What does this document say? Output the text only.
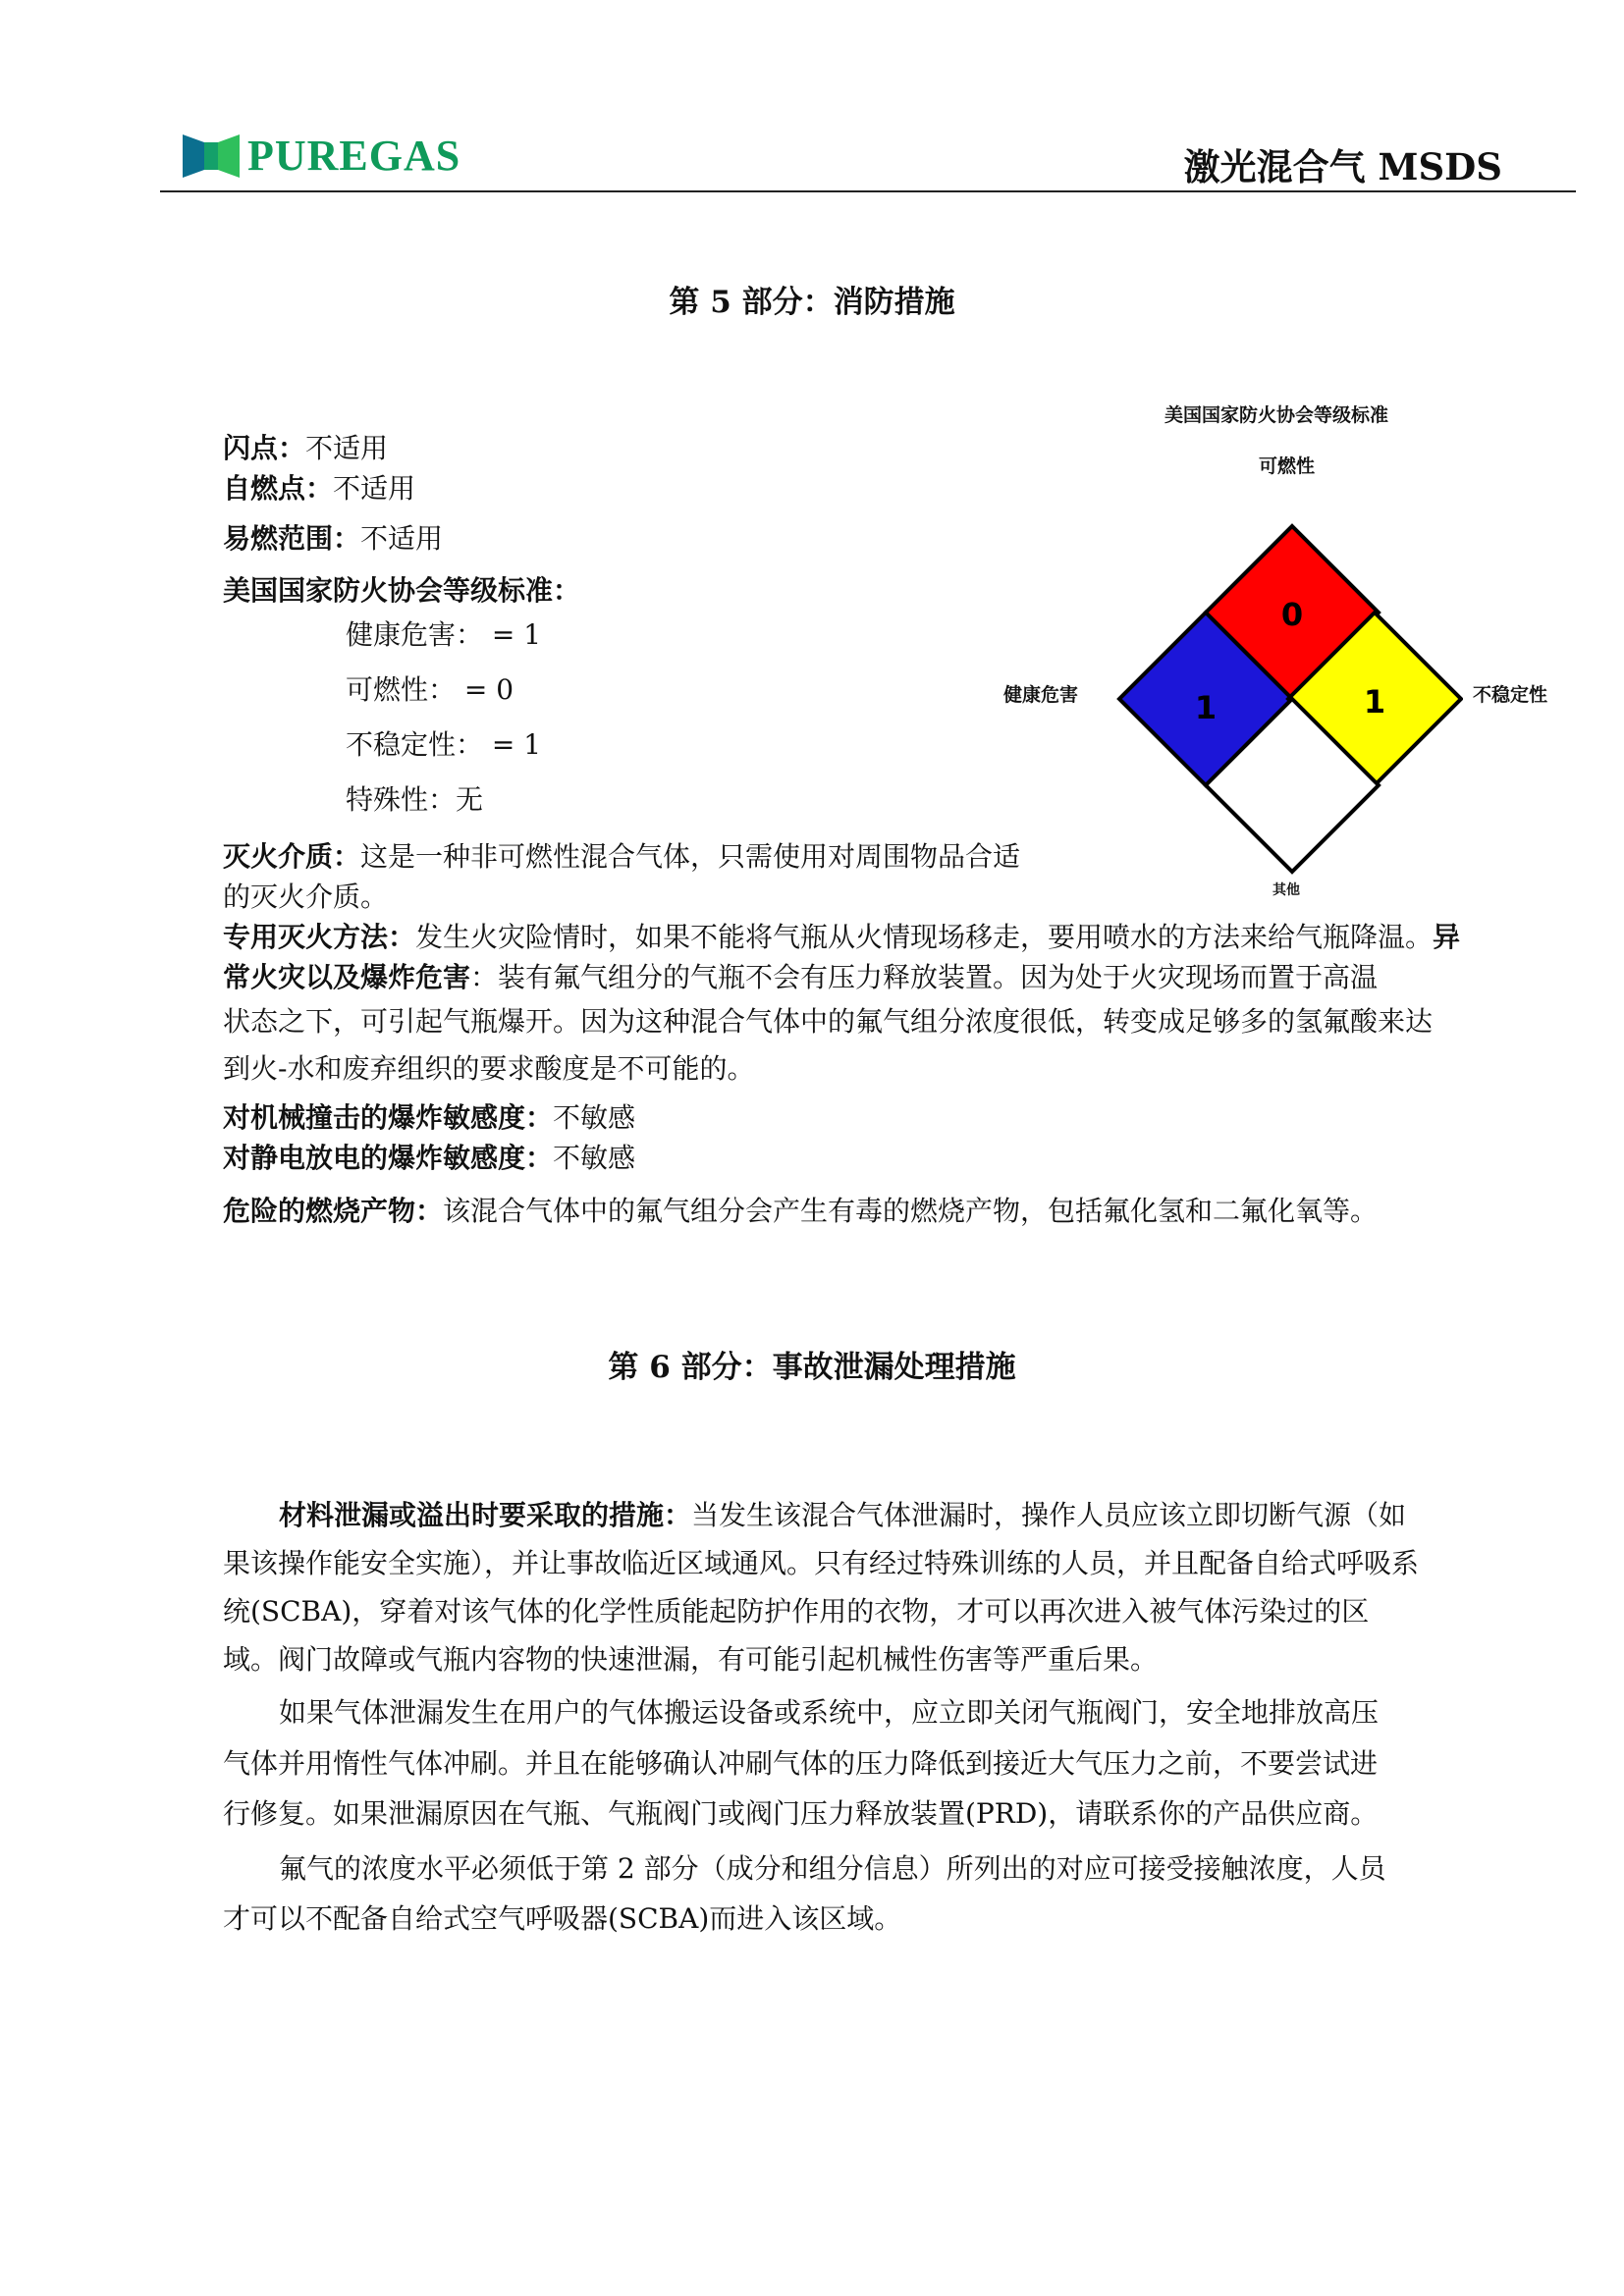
PUREGAS	激光混合气 MSDS
第 5 部分：消防措施
闪点：不适用
自燃点：不适用
易燃范围：不适用
美国国家防火协会等级标准：
健康危害： = 1
可燃性： = 0
不稳定性： = 1
特殊性：无
灭火介质：这是一种非可燃性混合气体，只需使用对周围物品合适
的灭火介质。
专用灭火方法：发生火灾险情时，如果不能将气瓶从火情现场移走，要用喷水的方法来给气瓶降温。异
常火灾以及爆炸危害：装有氟气组分的气瓶不会有压力释放装置。因为处于火灾现场而置于高温
状态之下，可引起气瓶爆开。因为这种混合气体中的氟气组分浓度很低，转变成足够多的氢氟酸来达
到火-水和废弃组织的要求酸度是不可能的。
对机械撞击的爆炸敏感度：不敏感
对静电放电的爆炸敏感度：不敏感
危险的燃烧产物：该混合气体中的氟气组分会产生有毒的燃烧产物，包括氟化氢和二氟化氧等。
美国国家防火协会等级标准
可燃性
健康危害	不稳定性
其他
0
1	1
第 6 部分：事故泄漏处理措施
材料泄漏或溢出时要采取的措施：当发生该混合气体泄漏时，操作人员应该立即切断气源（如
果该操作能安全实施），并让事故临近区域通风。只有经过特殊训练的人员，并且配备自给式呼吸系
统(SCBA)，穿着对该气体的化学性质能起防护作用的衣物，才可以再次进入被气体污染过的区
域。阀门故障或气瓶内容物的快速泄漏，有可能引起机械性伤害等严重后果。
如果气体泄漏发生在用户的气体搬运设备或系统中，应立即关闭气瓶阀门，安全地排放高压
气体并用惰性气体冲刷。并且在能够确认冲刷气体的压力降低到接近大气压力之前，不要尝试进
行修复。如果泄漏原因在气瓶、气瓶阀门或阀门压力释放装置(PRD)，请联系你的产品供应商。
氟气的浓度水平必须低于第 2 部分（成分和组分信息）所列出的对应可接受接触浓度，人员
才可以不配备自给式空气呼吸器(SCBA)而进入该区域。
